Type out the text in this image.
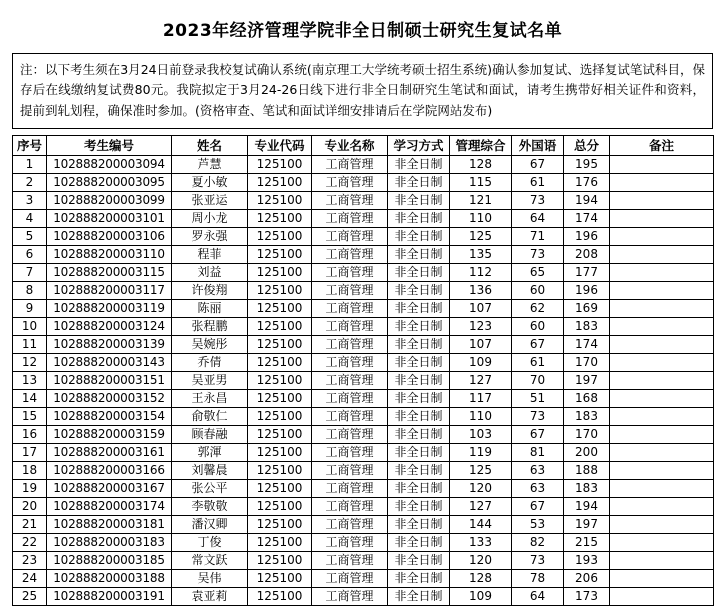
2023年经济管理学院非全日制硕士研究生复试名单

注：以下考生须在3月24日前登录我校复试确认系统(南京理工大学统考硕士招生系统)确认参加复试、选择复试笔试科目，保存后在线缴纳复试费80元。我院拟定于3月24-26日线下进行非全日制研究生笔试和面试，请考生携带好相关证件和资料，提前到轧划程，确保准时参加。(资格审查、笔试和面试详细安排请后在学院网站发布)

序号	考生编号	姓名	专业代码	专业名称	学习方式	管理综合	外国语	总分	备注
1	102888200003094	芦慧	125100	工商管理	非全日制	128	67	195	
2	102888200003095	夏小敏	125100	工商管理	非全日制	115	61	176	
3	102888200003099	张亚运	125100	工商管理	非全日制	121	73	194	
4	102888200003101	周小龙	125100	工商管理	非全日制	110	64	174	
5	102888200003106	罗永强	125100	工商管理	非全日制	125	71	196	
6	102888200003110	程菲	125100	工商管理	非全日制	135	73	208	
7	102888200003115	刘益	125100	工商管理	非全日制	112	65	177	
8	102888200003117	许俊翔	125100	工商管理	非全日制	136	60	196	
9	102888200003119	陈丽	125100	工商管理	非全日制	107	62	169	
10	102888200003124	张程鹏	125100	工商管理	非全日制	123	60	183	
11	102888200003139	吴婉彤	125100	工商管理	非全日制	107	67	174	
12	102888200003143	乔倩	125100	工商管理	非全日制	109	61	170	
13	102888200003151	吴亚男	125100	工商管理	非全日制	127	70	197	
14	102888200003152	王永昌	125100	工商管理	非全日制	117	51	168	
15	102888200003154	俞敬仁	125100	工商管理	非全日制	110	73	183	
16	102888200003159	顾春融	125100	工商管理	非全日制	103	67	170	
17	102888200003161	郭渾	125100	工商管理	非全日制	119	81	200	
18	102888200003166	刘馨晨	125100	工商管理	非全日制	125	63	188	
19	102888200003167	张公平	125100	工商管理	非全日制	120	63	183	
20	102888200003174	李敬敬	125100	工商管理	非全日制	127	67	194	
21	102888200003181	潘汉卿	125100	工商管理	非全日制	144	53	197	
22	102888200003183	丁俊	125100	工商管理	非全日制	133	82	215	
23	102888200003185	常文跃	125100	工商管理	非全日制	120	73	193	
24	102888200003188	吴伟	125100	工商管理	非全日制	128	78	206	
25	102888200003191	袁亚莉	125100	工商管理	非全日制	109	64	173	
